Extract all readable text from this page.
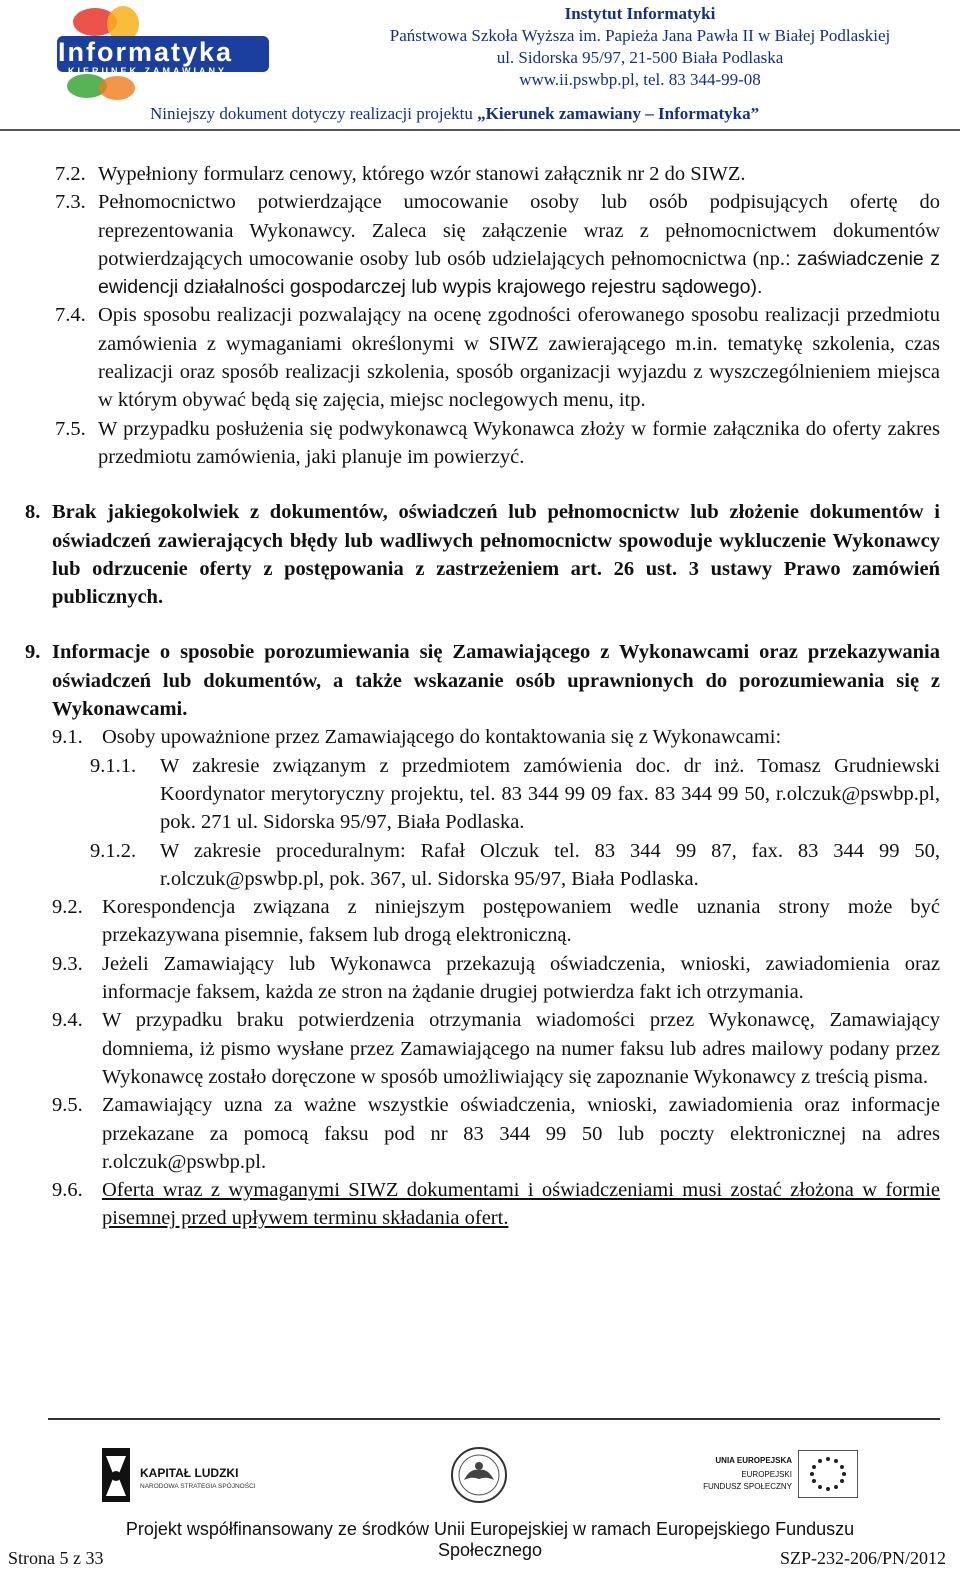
Informatyka
KIERUNEK ZAMAWIANY
Instytut Informatyki
Państwowa Szkoła Wyższa im. Papieża Jana Pawła II w Białej Podlaskiej
ul. Sidorska 95/97, 21-500 Biała Podlaska
www.ii.pswbp.pl, tel. 83 344-99-08
Niniejszy dokument dotyczy realizacji projektu „Kierunek zamawiany – Informatyka”
7.2. Wypełniony formularz cenowy, którego wzór stanowi załącznik nr 2 do SIWZ.
7.3. Pełnomocnictwo potwierdzające umocowanie osoby lub osób podpisujących ofertę do reprezentowania Wykonawcy. Zaleca się załączenie wraz z pełnomocnictwem dokumentów potwierdzających umocowanie osoby lub osób udzielających pełnomocnictwa (np.: zaświadczenie z ewidencji działalności gospodarczej lub wypis krajowego rejestru sądowego).
7.4. Opis sposobu realizacji pozwalający na ocenę zgodności oferowanego sposobu realizacji przedmiotu zamówienia z wymaganiami określonymi w SIWZ zawierającego m.in. tematykę szkolenia, czas realizacji oraz sposób realizacji szkolenia, sposób organizacji wyjazdu z wyszczególnieniem miejsca w którym obywać będą się zajęcia, miejsc noclegowych menu, itp.
7.5. W przypadku posłużenia się podwykonawcą Wykonawca złoży w formie załącznika do oferty zakres przedmiotu zamówienia, jaki planuje im powierzyć.
8. Brak jakiegokolwiek z dokumentów, oświadczeń lub pełnomocnictw lub złożenie dokumentów i oświadczeń zawierających błędy lub wadliwych pełnomocnictw spowoduje wykluczenie Wykonawcy lub odrzucenie oferty z postępowania z zastrzeżeniem art. 26 ust. 3 ustawy Prawo zamówień publicznych.
9. Informacje o sposobie porozumiewania się Zamawiającego z Wykonawcami oraz przekazywania oświadczeń lub dokumentów, a także wskazanie osób uprawnionych do porozumiewania się z Wykonawcami.
9.1. Osoby upoważnione przez Zamawiającego do kontaktowania się z Wykonawcami:
9.1.1.	W zakresie związanym z przedmiotem zamówienia doc. dr inż. Tomasz Grudniewski Koordynator merytoryczny projektu, tel. 83 344 99 09 fax. 83 344 99 50, r.olczuk@pswbp.pl, pok. 271 ul. Sidorska 95/97, Biała Podlaska.
9.1.2.	W zakresie proceduralnym: Rafał Olczuk tel. 83 344 99 87, fax. 83 344 99 50, r.olczuk@pswbp.pl, pok. 367, ul. Sidorska 95/97, Biała Podlaska.
9.2. Korespondencja związana z niniejszym postępowaniem wedle uznania strony może być przekazywana pisemnie, faksem lub drogą elektroniczną.
9.3. Jeżeli Zamawiający lub Wykonawca przekazują oświadczenia, wnioski, zawiadomienia oraz informacje faksem, każda ze stron na żądanie drugiej potwierdza fakt ich otrzymania.
9.4. W przypadku braku potwierdzenia otrzymania wiadomości przez Wykonawcę, Zamawiający domniema, iż pismo wysłane przez Zamawiającego na numer faksu lub adres mailowy podany przez Wykonawcę zostało doręczone w sposób umożliwiający się zapoznanie Wykonawcy z treścią pisma.
9.5. Zamawiający uzna za ważne wszystkie oświadczenia, wnioski, zawiadomienia oraz informacje przekazane za pomocą faksu pod nr 83 344 99 50 lub poczty elektronicznej na adres r.olczuk@pswbp.pl.
9.6. Oferta wraz z wymaganymi SIWZ dokumentami i oświadczeniami musi zostać złożona w formie pisemnej przed upływem terminu składania ofert.
KAPITAŁ LUDZKI
NARODOWA STRATEGIA SPÓJNOŚCI
UNIA EUROPEJSKA
EUROPEJSKI
FUNDUSZ SPOŁECZNY
Projekt współfinansowany ze środków Unii Europejskiej w ramach Europejskiego Funduszu Społecznego
Strona 5 z 33	SZP-232-206/PN/2012
